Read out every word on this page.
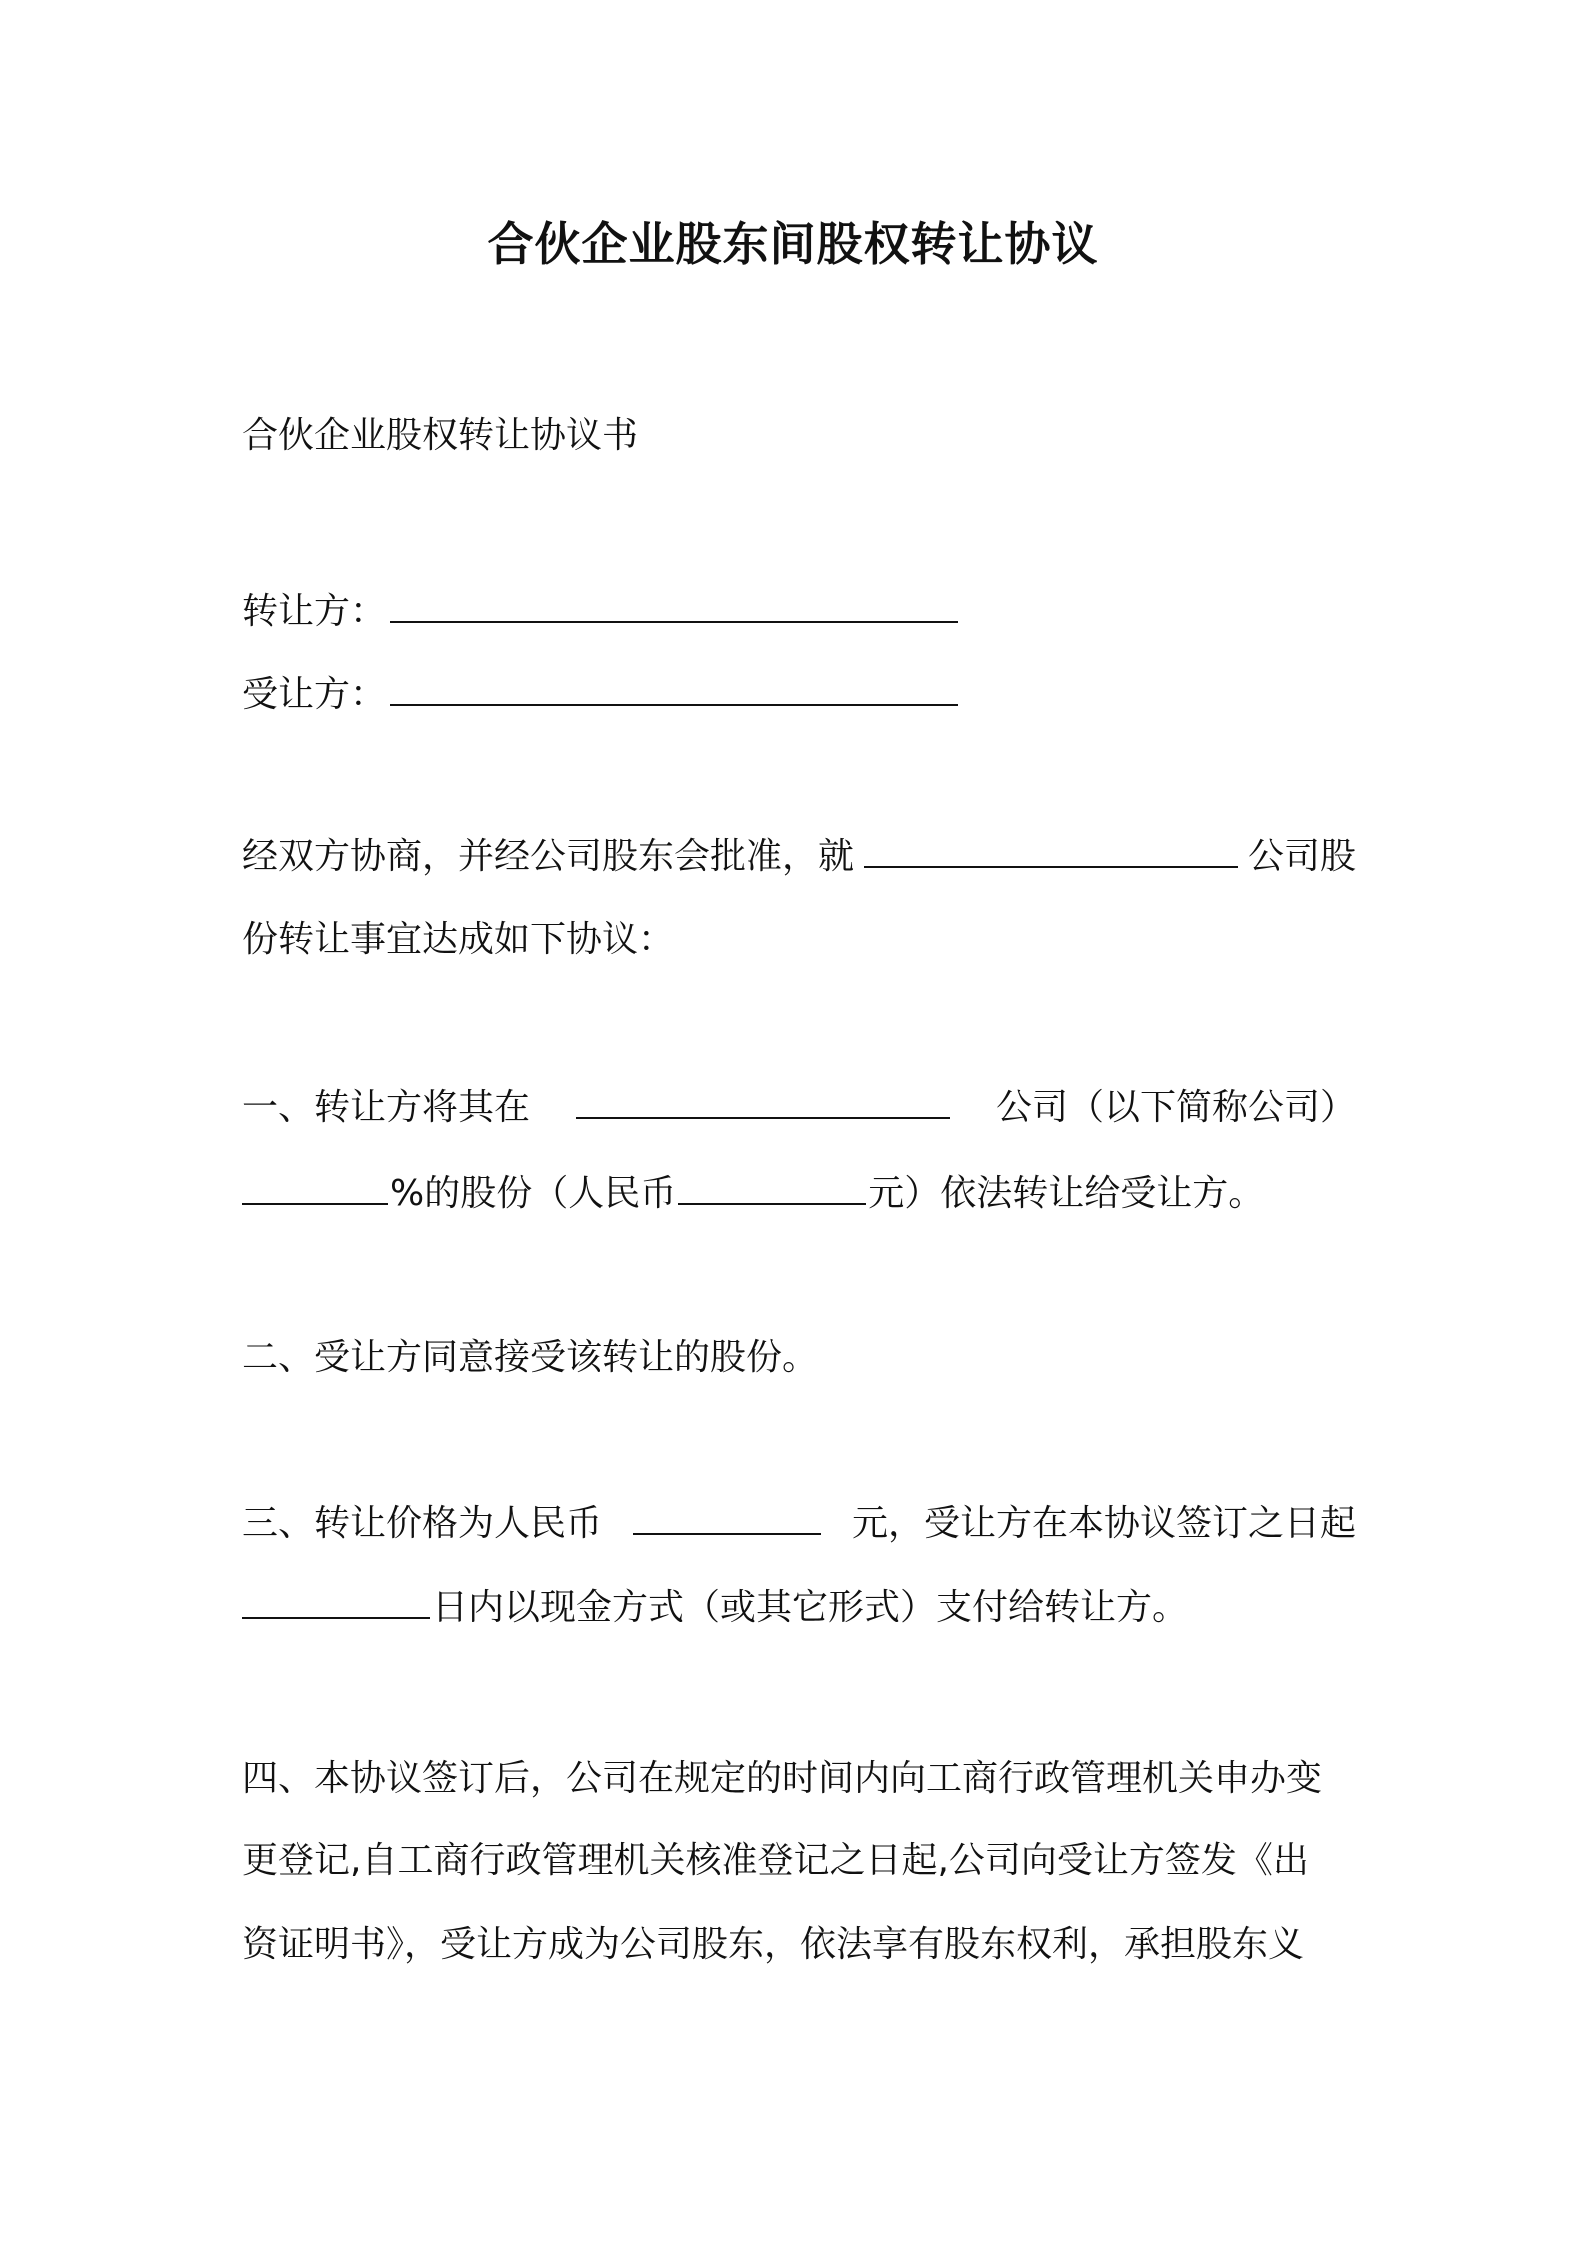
合伙企业股东间股权转让协议
合伙企业股权转让协议书
转让方：
受让方：
经双方协商，并经公司股东会批准，就	公司股
份转让事宜达成如下协议：
一、转让方将其在	公司（以下简称公司）
%的股份（人民币	元）依法转让给受让方。
二、受让方同意接受该转让的股份。
三、转让价格为人民币	元，受让方在本协议签订之日起
日内以现金方式（或其它形式）支付给转让方。
四、本协议签订后，公司在规定的时间内向工商行政管理机关申办变
更登记,自工商行政管理机关核准登记之日起,公司向受让方签发《出
资证明书》，受让方成为公司股东，依法享有股东权利，承担股东义
